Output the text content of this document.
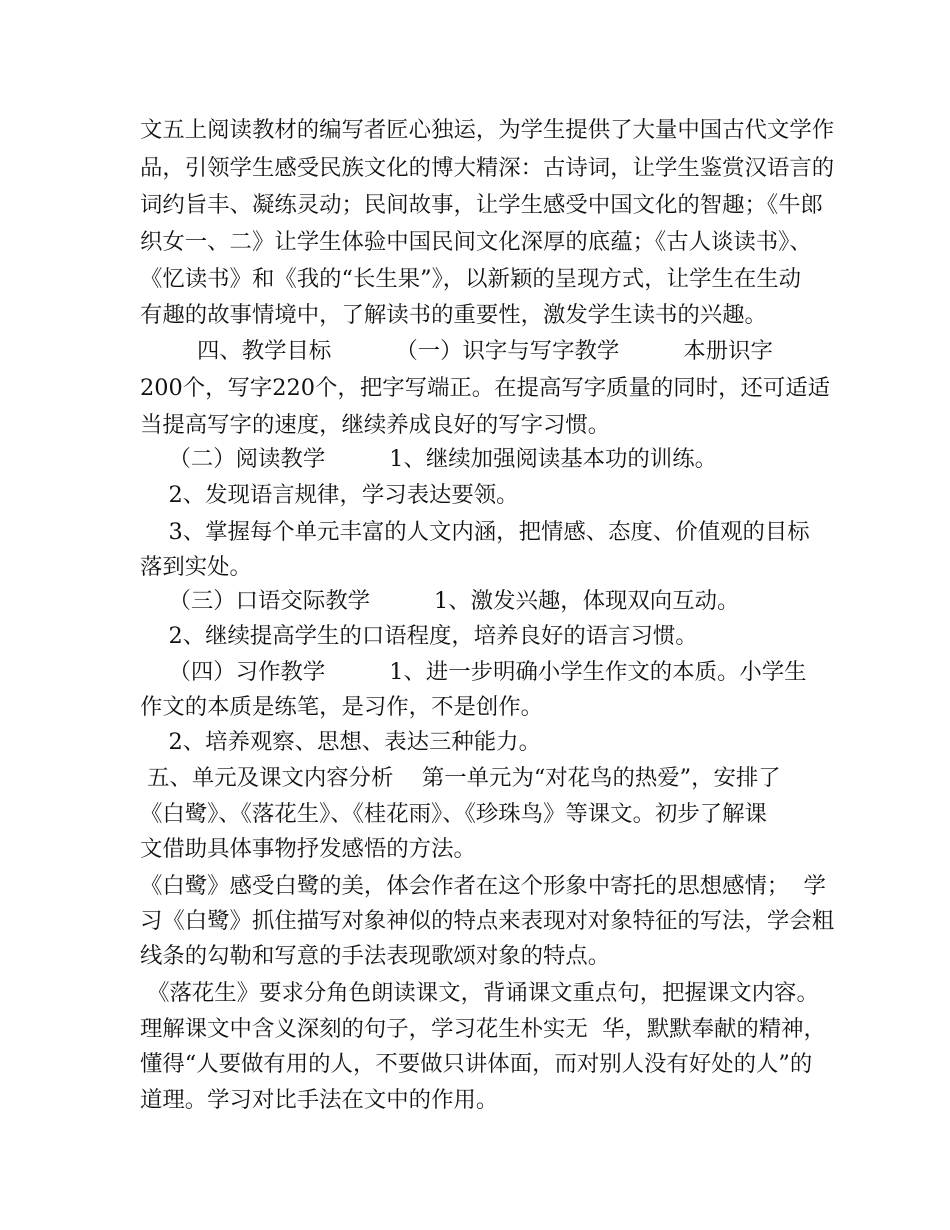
文五上阅读教材的编写者匠心独运，为学生提供了大量中国古代文学作
品，引领学生感受民族文化的博大精深：古诗词，让学生鉴赏汉语言的
词约旨丰、凝练灵动；民间故事，让学生感受中国文化的智趣；《牛郎
织女一、二》让学生体验中国民间文化深厚的底蕴；《古人谈读书》、
《忆读书》和《我的“长生果”》，以新颖的呈现方式，让学生在生动
有趣的故事情境中，了解读书的重要性，激发学生读书的兴趣。
四、教学目标         （一）识字与写字教学         本册识字
200个，写字220个，把字写端正。在提高写字质量的同时，还可适适
当提高写字的速度，继续养成良好的写字习惯。
（二）阅读教学         1、继续加强阅读基本功的训练。
2、发现语言规律，学习表达要领。
3、掌握每个单元丰富的人文内涵，把情感、态度、价值观的目标
落到实处。
（三）口语交际教学         1、激发兴趣，体现双向互动。
2、继续提高学生的口语程度，培养良好的语言习惯。
（四）习作教学         1、进一步明确小学生作文的本质。小学生
作文的本质是练笔，是习作，不是创作。
2、培养观察、思想、表达三种能力。
五、单元及课文内容分析    第一单元为“对花鸟的热爱”，安排了
《白鹭》、《落花生》、《桂花雨》、《珍珠鸟》等课文。初步了解课
文借助具体事物抒发感悟的方法。
《白鹭》感受白鹭的美，体会作者在这个形象中寄托的思想感情；  学
习《白鹭》抓住描写对象神似的特点来表现对对象特征的写法，学会粗
线条的勾勒和写意的手法表现歌颂对象的特点。
《落花生》要求分角色朗读课文，背诵课文重点句，把握课文内容。
理解课文中含义深刻的句子，学习花生朴实无  华，默默奉献的精神，
懂得“人要做有用的人，不要做只讲体面，而对别人没有好处的人”的
道理。学习对比手法在文中的作用。
